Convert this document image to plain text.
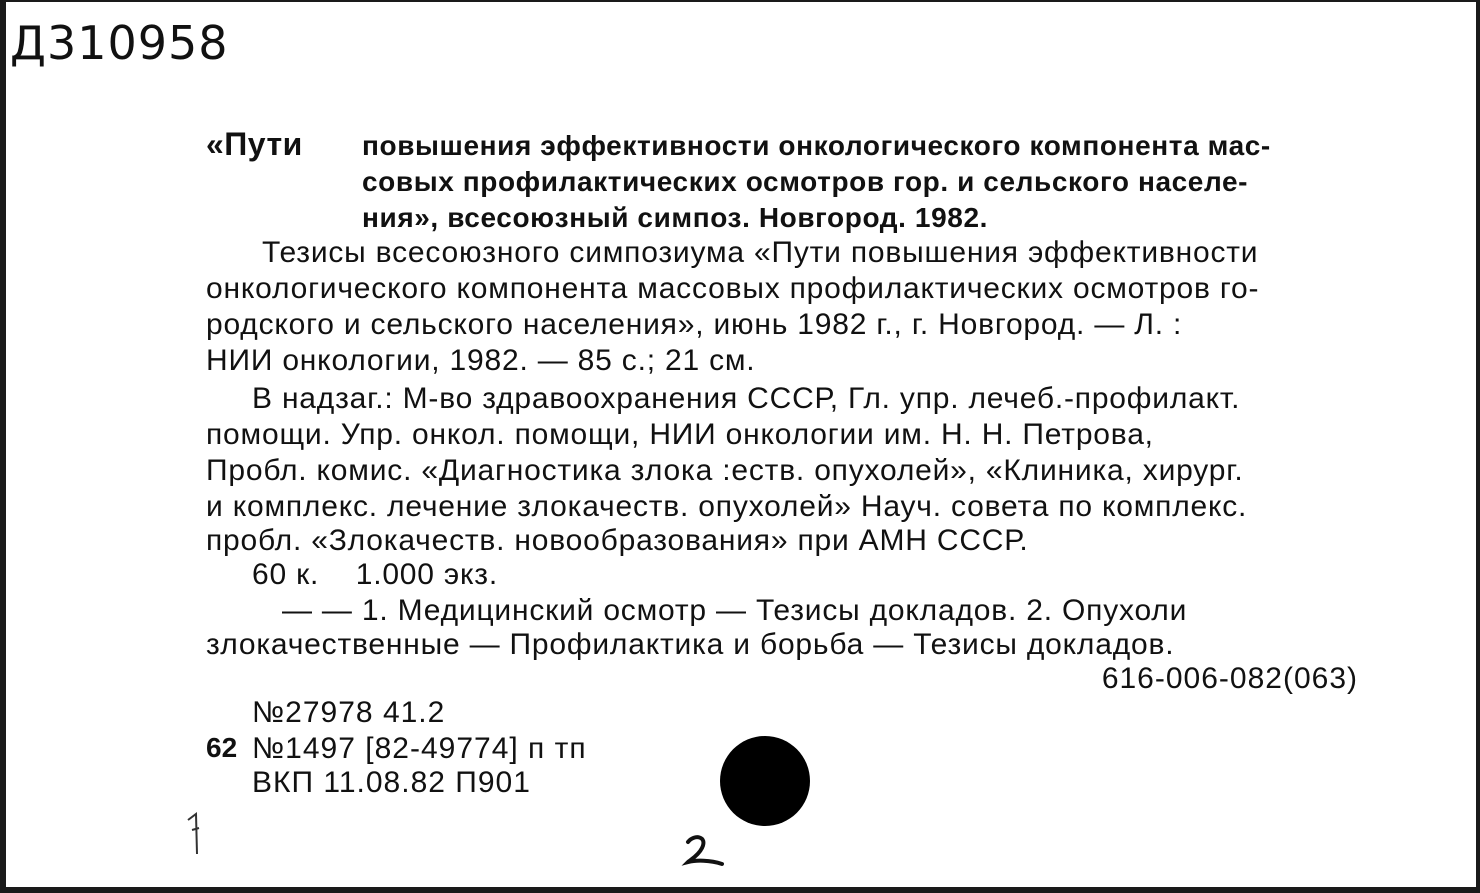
Д310958
«Пути повышения эффективности онкологического компонента мас-
совых профилактических осмотров гор. и сельского населе-
ния», всесоюзный симпоз. Новгород. 1982.
Тезисы всесоюзного симпозиума «Пути повышения эффективности
онкологического компонента массовых профилактических осмотров го-
родского и сельского населения», июнь 1982 г., г. Новгород. — Л. :
НИИ онкологии, 1982. — 85 с.; 21 см.
В надзаг.: М-во здравоохранения СССР, Гл. упр. лечеб.-профилакт.
помощи. Упр. онкол. помощи, НИИ онкологии им. Н. Н. Петрова,
Пробл. комис. «Диагностика злока :еств. опухолей», «Клиника, хирург.
и комплекс. лечение злокачеств. опухолей» Науч. совета по комплекс.
пробл. «Злокачеств. новообразования» при АМН СССР.
60 к.    1.000 экз.
— — 1. Медицинский осмотр — Тезисы докладов. 2. Опухоли
злокачественные — Профилактика и борьба — Тезисы докладов.
616-006-082(063)
№27978 41.2
62 №1497 [82-49774] п тп
ВКП 11.08.82 П901
